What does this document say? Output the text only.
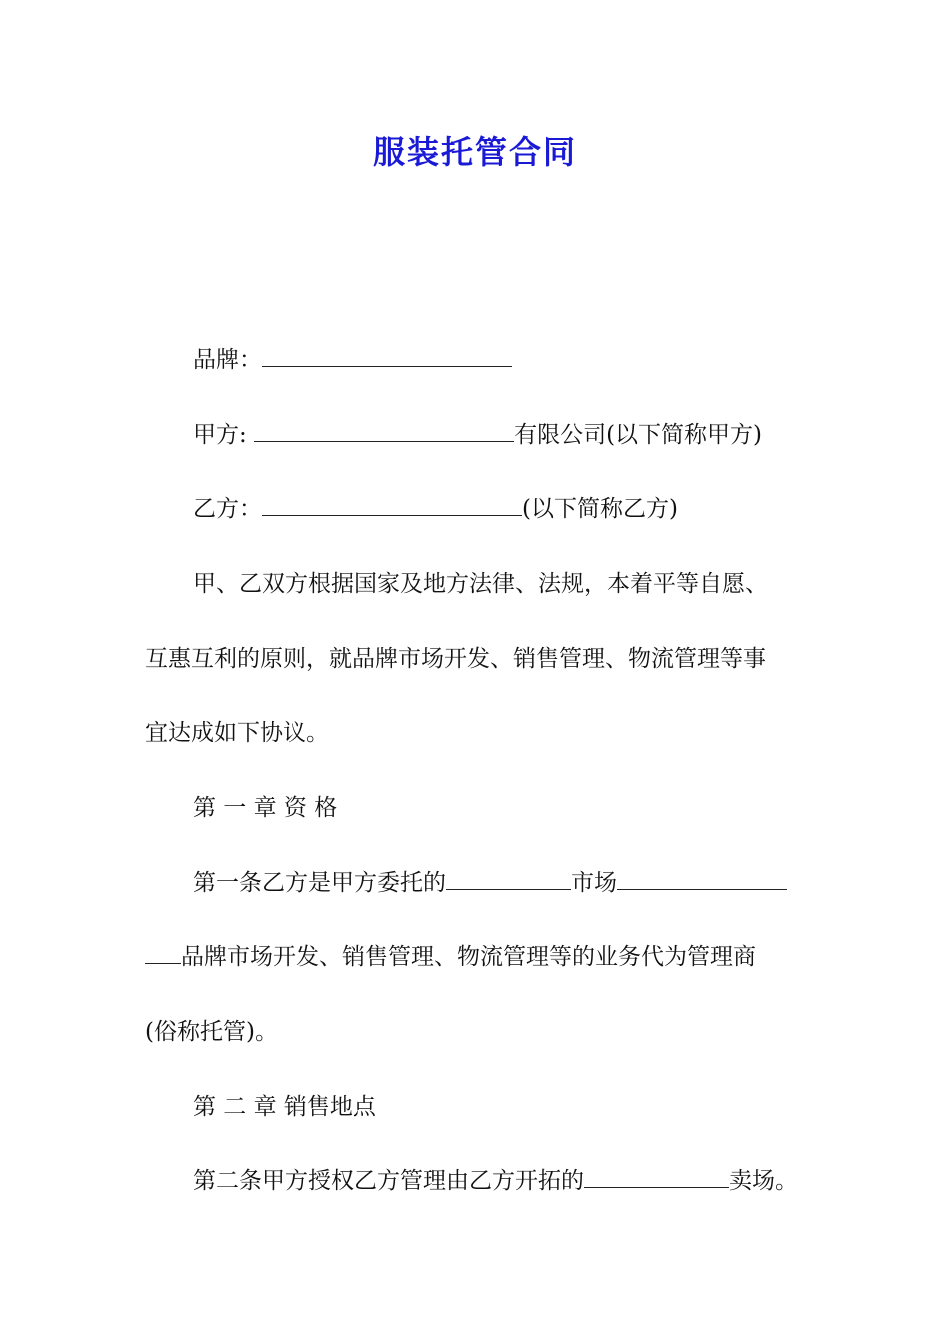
服装托管合同
品牌：
甲方:	有限公司(以下简称甲方)
乙方：	(以下简称乙方)
甲、乙双方根据国家及地方法律、法规，本着平等自愿、
互惠互利的原则，就品牌市场开发、销售管理、物流管理等事
宜达成如下协议。
第 一 章 资 格
第一条乙方是甲方委托的	市场
品牌市场开发、销售管理、物流管理等的业务代为管理商
(俗称托管)。
第 二 章 销售地点
第二条甲方授权乙方管理由乙方开拓的	卖场。
